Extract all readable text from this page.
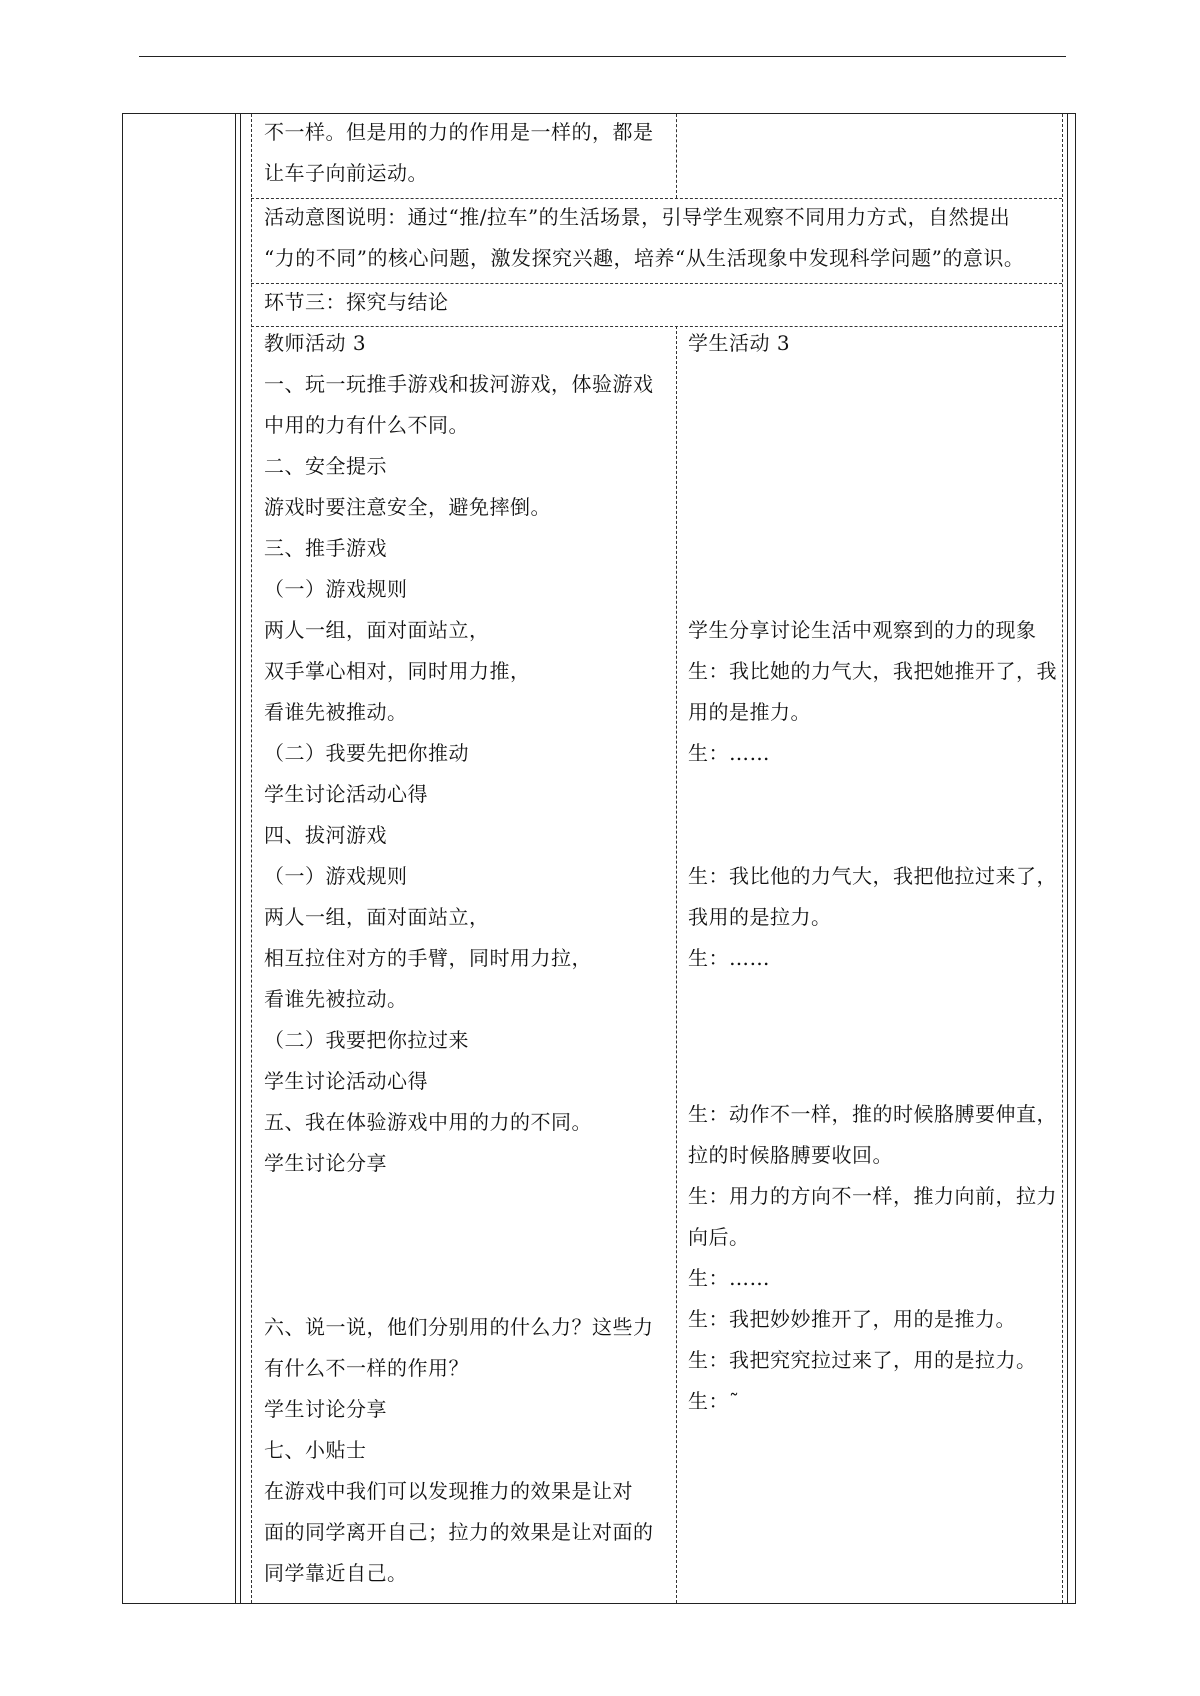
不一样。但是用的力的作用是一样的，都是
让车子向前运动。
活动意图说明：通过“推/拉车”的生活场景，引导学生观察不同用力方式，自然提出
“力的不同”的核心问题，激发探究兴趣，培养“从生活现象中发现科学问题”的意识。
环节三：探究与结论
教师活动 3
一、玩一玩推手游戏和拔河游戏，体验游戏
中用的力有什么不同。
二、安全提示
游戏时要注意安全，避免摔倒。
三、推手游戏
（一）游戏规则
两人一组，面对面站立，
双手掌心相对，同时用力推，
看谁先被推动。
（二）我要先把你推动
学生讨论活动心得
四、拔河游戏
（一）游戏规则
两人一组，面对面站立，
相互拉住对方的手臂，同时用力拉，
看谁先被拉动。
（二）我要把你拉过来
学生讨论活动心得
五、我在体验游戏中用的力的不同。
学生讨论分享
六、说一说，他们分别用的什么力？这些力
有什么不一样的作用？
学生讨论分享
七、小贴士
在游戏中我们可以发现推力的效果是让对
面的同学离开自己；拉力的效果是让对面的
同学靠近自己。
学生活动 3
学生分享讨论生活中观察到的力的现象
生：我比她的力气大，我把她推开了，我
用的是推力。
生：……
生：我比他的力气大，我把他拉过来了，
我用的是拉力。
生：……
生：动作不一样，推的时候胳膊要伸直，
拉的时候胳膊要收回。
生：用力的方向不一样，推力向前，拉力
向后。
生：……
生：我把妙妙推开了，用的是推力。
生：我把究究拉过来了，用的是拉力。
生：˜
